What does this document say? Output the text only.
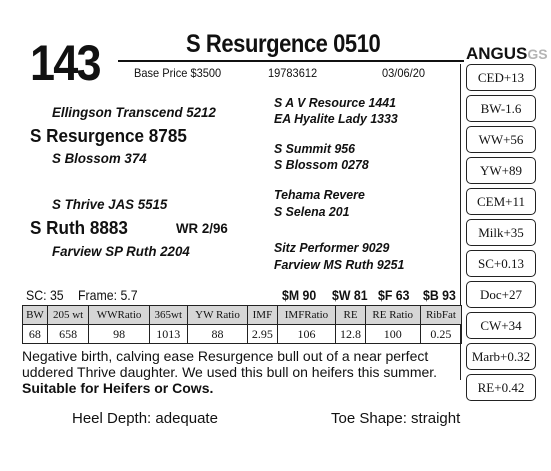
143	S Resurgence 0510
Base Price $3500	19783612	03/06/20
ANGUSGS
CED+13
BW-1.6
WW+56
YW+89
CEM+11
Milk+35
SC+0.13
Doc+27
CW+34
Marb+0.32
RE+0.42
Ellingson Transcend 5212
S Resurgence 8785
S Blossom 374
S A V Resource 1441
EA Hyalite Lady 1333
S Summit 956
S Blossom 0278
S Thrive JAS 5515
S Ruth 8883	WR 2/96
Farview SP Ruth 2204
Tehama Revere
S Selena 201
Sitz Performer 9029
Farview MS Ruth 9251
SC: 35 Frame: 5.7	$M 90 $W 81 $F 63 $B 93
BW	205 wt	WWRatio	365wt	YW Ratio	IMF	IMFRatio	RE	RE Ratio	RibFat
68	658	98	1013	88	2.95	106	12.8	100	0.25
Negative birth, calving ease Resurgence bull out of a near perfect uddered Thrive daughter. We used this bull on heifers this summer. Suitable for Heifers or Cows.
Heel Depth: adequate	Toe Shape: straight
